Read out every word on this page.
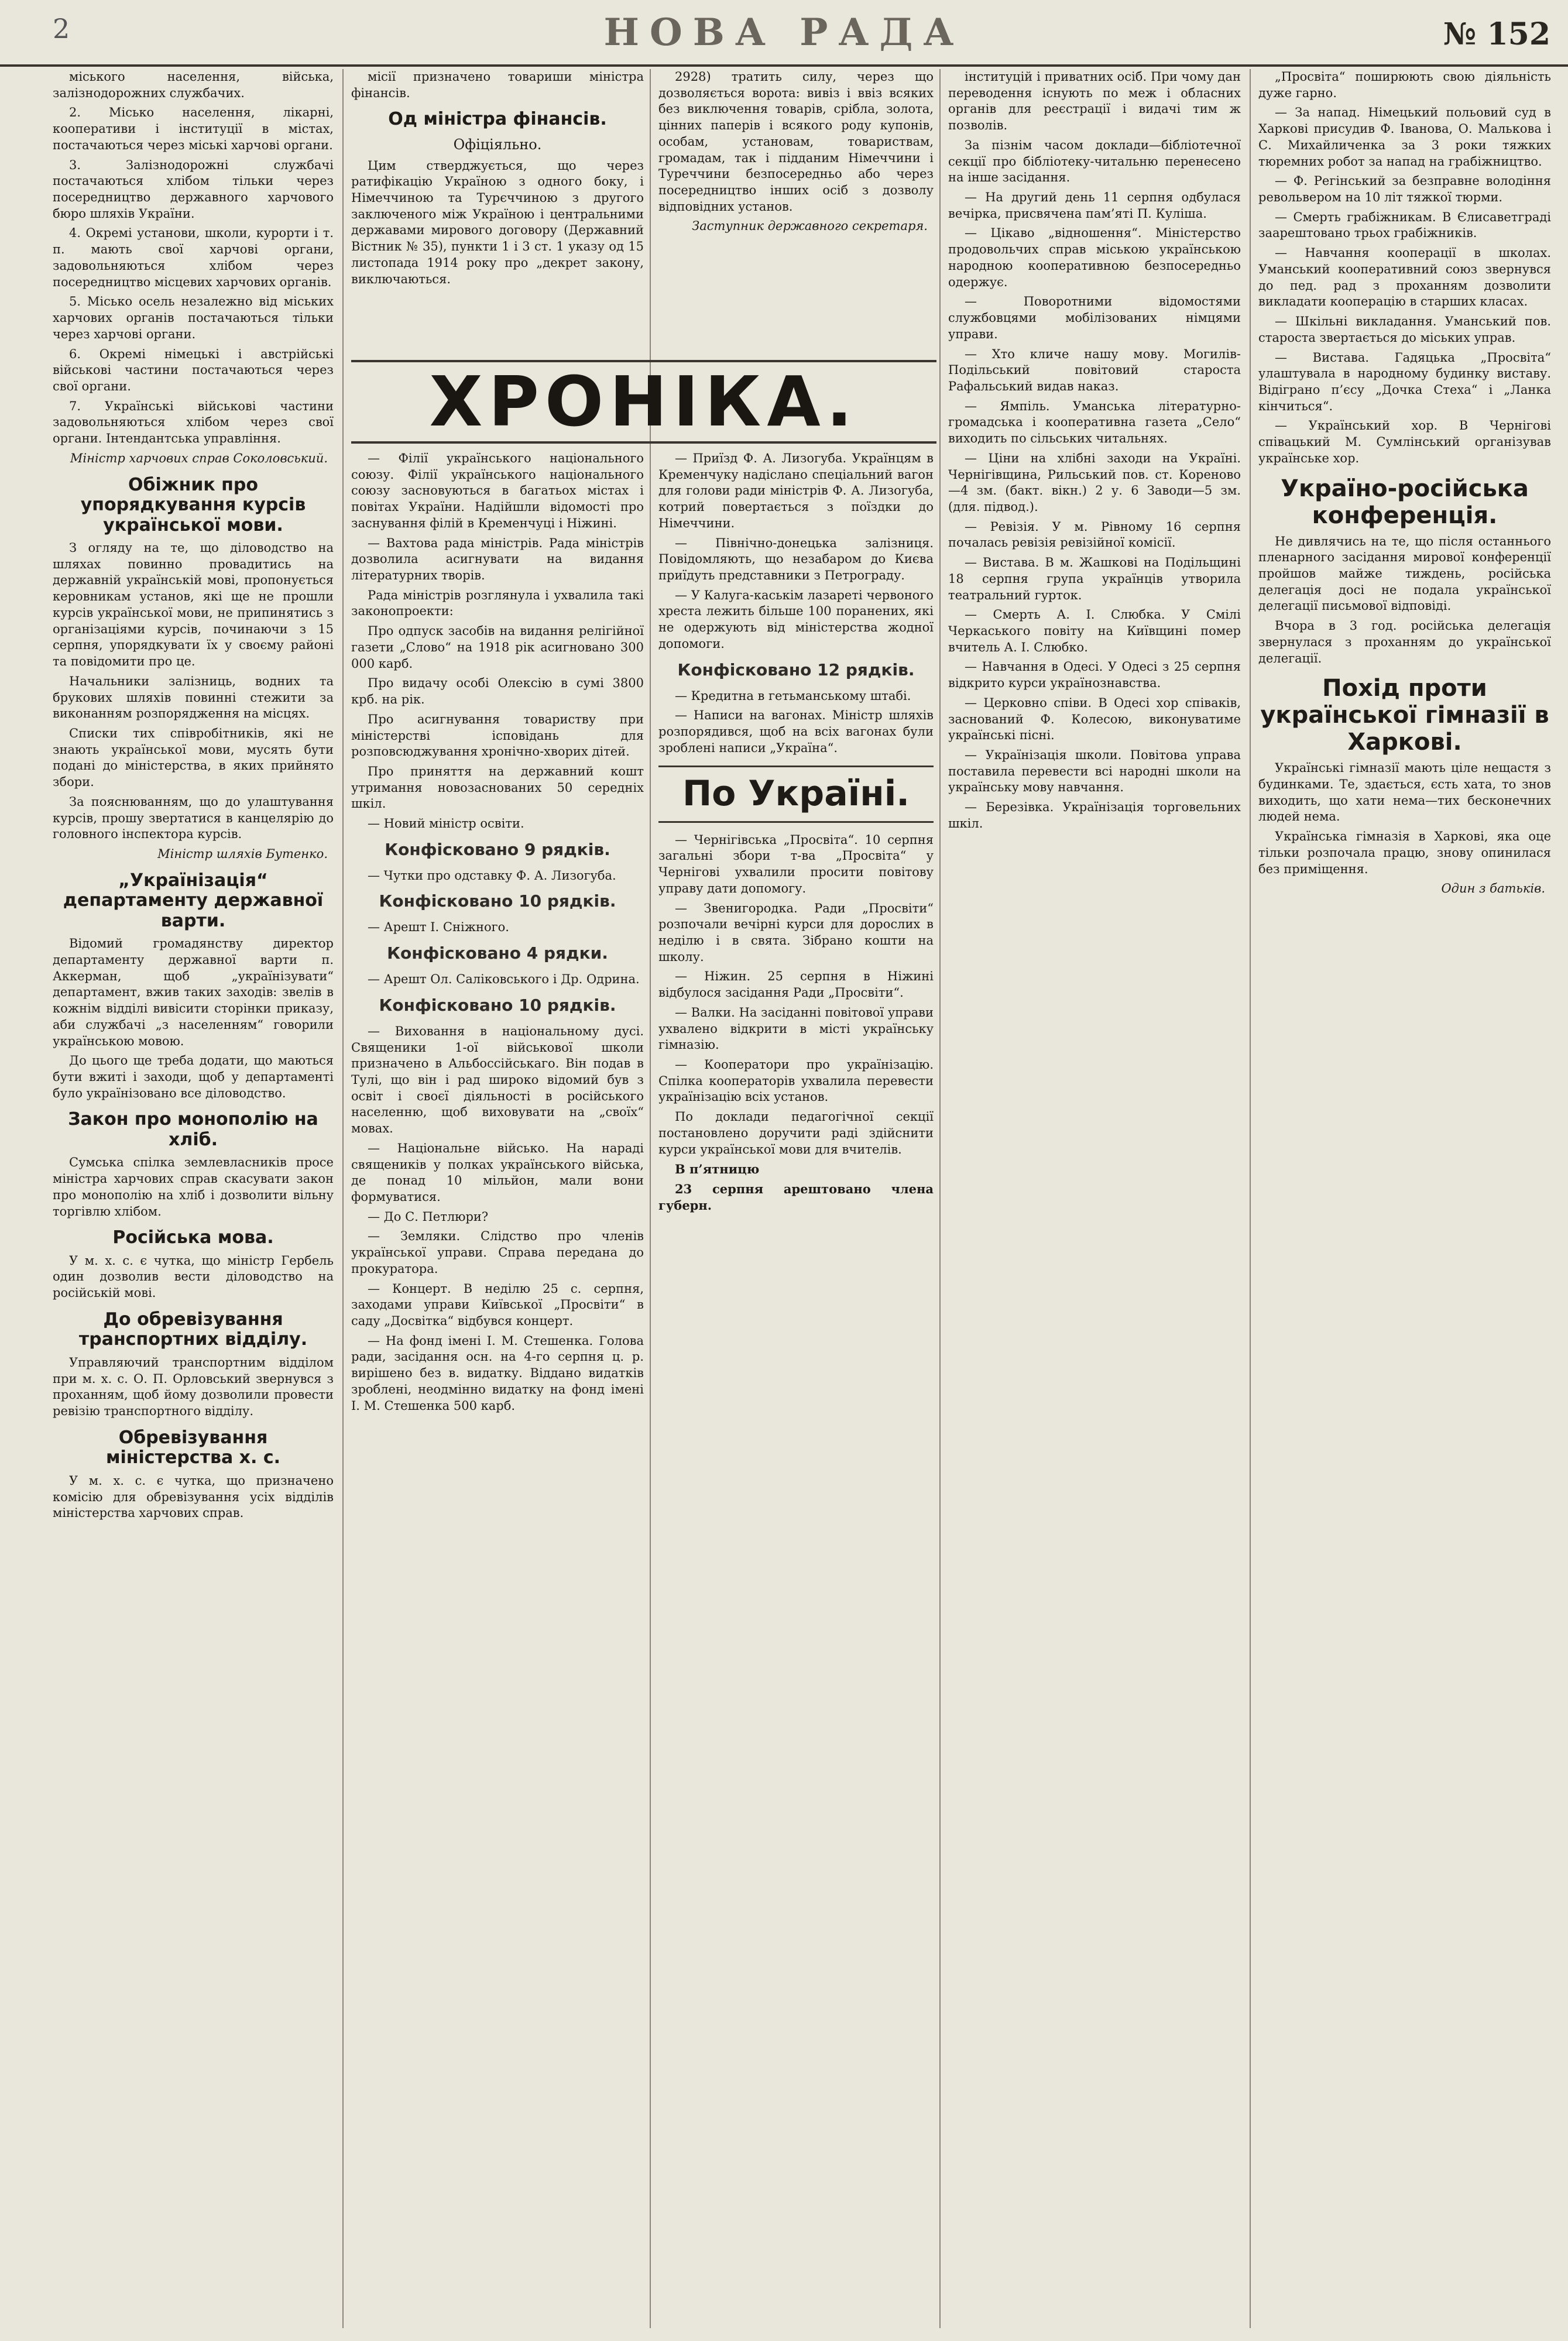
2	НОВА РАДА	№ 152

міського населення, війська, залізнодорожних службачих.

2. Місько населення, лікарні, кооперативи і інституції в містах, постачаються через міські харчові органи.

3. Залізнодорожні службачі постачаються хлібом тільки через посередництво державного харчового бюро шляхів України.

4. Окремі установи, школи, курорти і т. п. мають свої харчові органи, задовольняються хлібом через посередництво місцевих харчових органів.

5. Місько осель незалежно від міських харчових органів постачаються тільки через харчові органи.

6. Окремі німецькі і австрійські військові частини постачаються через свої органи.

7. Українські військові частини задовольняються хлібом через свої органи. Інтендантська управління.

Міністр харчових справ Соколовський.

Обіжник про упорядкування курсів української мови.

З огляду на те, що діловодство на шляхах повинно провадитись на державній українській мові, пропонується керовникам установ, які ще не прошли курсів української мови, не припинятись з організаціями курсів, починаючи з 15 серпня, упорядкувати їх у своєму районі та повідомити про це.

Начальники залізниць, водних та брукових шляхів повинні стежити за виконанням розпорядження на місцях.

Списки тих співробітників, які не знають української мови, мусять бути подані до міністерства, в яких прийнято збори.

За пояснюванням, що до улаштування курсів, прошу звертатися в канцелярію до головного інспектора курсів.

Міністр шляхів Бутенко.

„Українізація“ департаменту державної варти.

Відомий громадянству директор департаменту державної варти п. Аккерман, щоб „українізувати“ департамент, вжив таких заходів: звелів в кожнім відділі вивісити сторінки приказу, аби службачі „з населенням“ говорили українською мовою.

До цього ще треба додати, що маються бути вжиті і заходи, щоб у департаменті було українізовано все діловодство.

Закон про монополію на хліб.

Сумська спілка землевласників просе міністра харчових справ скасувати закон про монополію на хліб і дозволити вільну торгівлю хлібом.

Російська мова.

У м. х. с. є чутка, що міністр Гербель один дозволив вести діловодство на російській мові.

До обревізування транспортних відділу.

Управляючий транспортним відділом при м. х. с. О. П. Орловський звернувся з проханням, щоб йому дозволили провести ревізію транспортного відділу.

Обревізування міністерства х. с.

У м. х. с. є чутка, що призначено комісію для обревізування усіх відділів міністерства харчових справ.

місії призначено товариши міністра фінансів.

Од міністра фінансів.
Офіціяльно.

Цим стверджується, що через ратифікацію Україною з одного боку, і Німеччиною та Турєччиною з другого заключеного між Україною і центральними державами мирового договору (Державний Вістник № 35), пункти 1 і 3 ст. 1 указу од 15 листопада 1914 року про „декрет закону, виключаються.

2928) тратить силу, через що дозволяється ворота: вивіз і ввіз всяких без виключення товарів, срібла, золота, цінних паперів і всякого роду купонів, особам, установам, товариствам, громадам, так і підданим Німеччини і Туреччини безпосередньо або через посередництво інших осіб з дозволу відповідних установ.

Заступник державного секретаря.

ХРОНІКА.

— Філії українського національного союзу. Філії українського національного союзу засновуються в багатьох містах і повітах України. Надійшли відомості про заснування філій в Кременчуці і Ніжині.

— Вахтова рада міністрів. Рада міністрів дозволила асигнувати на видання літературних творів.

Рада міністрів розглянула і ухвалила такі законопроекти:

Про одпуск засобів на видання релігійної газети „Слово“ на 1918 рік асигновано 300 000 карб.

Про видачу особі Олексію в сумі 3800 крб. на рік.

Про асигнування товариству при міністерстві ісповідань для розповсюджування хронічно-хворих дітей.

Про приняття на державний кошт утримання новозаснованих 50 середніх шкіл.

— Новий міністр освіти.

Конфісковано 9 рядків.

— Чутки про одставку Ф. А. Лизогуба.

Конфісковано 10 рядків.

— Арешт І. Сніжного.

Конфісковано 4 рядки.

— Арешт Ол. Саліковського і Др. Одрина.

Конфісковано 10 рядків.

— Виховання в національному дусі. Священики 1-ої військової школи призначено в Альбоссійськаго. Він подав в Тулі, що він і рад широко відомий був з освіт і своєї діяльності в російського населенню, щоб виховувати на „своїх“ мовах.

— Національне військо. На нараді священиків у полках українського війська, де понад 10 мільйон, мали вони формуватися.

— До С. Петлюри?

— Земляки. Слідство про членів української управи. Справа передана до прокуратора.

— Концерт. В неділю 25 с. серпня, заходами управи Київської „Просвіти“ в саду „Досвітка“ відбувся концерт.

— На фонд імені І. М. Стешенка. Голова ради, засідання осн. на 4-го серпня ц. р. вирішено без в. видатку. Віддано видатків зроблені, неодмінно видатку на фонд імені І. М. Стешенка 500 карб.

— Приїзд Ф. А. Лизогуба. Українцям в Кременчуку надіслано спеціальний вагон для голови ради міністрів Ф. А. Лизогуба, котрий повертається з поїздки до Німеччини.

— Північно-донецька залізниця. Повідомляють, що незабаром до Києва приїдуть представники з Петрограду.

— У Калуга-каськім лазареті червоного хреста лежить більше 100 поранених, які не одержують від міністерства жодної допомоги.

Конфісковано 12 рядків.

— Кредитна в гетьманському штабі.

— Написи на вагонах. Міністр шляхів розпорядився, щоб на всіх вагонах були зроблені написи „Україна“.

По Україні.

— Чернігівська „Просвіта“. 10 серпня загальні збори т-ва „Просвіта“ у Чернігові ухвалили просити повітову управу дати допомогу.

— Звенигородка. Ради „Просвіти“ розпочали вечірні курси для дорослих в неділю і в свята. Зібрано кошти на школу.

— Ніжин. 25 серпня в Ніжині відбулося засідання Ради „Просвіти“.

— Валки. На засіданні повітової управи ухвалено відкрити в місті українську гімназію.

— Кооператори про українізацію. Спілка кооператорів ухвалила перевести українізацію всіх установ.

По доклади педагогічної секції постановлено доручити раді здійснити курси української мови для вчителів.

В п’ятницю

23 серпня арештовано члена губерн.

інституцій і приватних осіб. При чому дан переводення існують по меж і обласних органів для реєстрації і видачі тим ж позволів.

За пізнім часом доклади—бібліотечної секції про бібліотеку-читальню перенесено на інше засідання.

— На другий день 11 серпня одбулася вечірка, присвячена пам’яті П. Куліша.

— Цікаво „відношення“. Міністерство продовольчих справ міською українською народною кооперативною безпосередньо одержує.

— Поворотними відомостями службовцями мобілізованих німцями управи.

— Хто кличе нашу мову. Могилів-Подільський повітовий староста Рафальський видав наказ.

— Ямпіль. Уманська літературно-громадська і кооперативна газета „Село“ виходить по сільських читальнях.

— Ціни на хлібні заходи на Україні. Чернігівщина, Рильський пов. ст. Кореново—4 зм. (бакт. вікн.) 2 у. 6 Заводи—5 зм. (для. підвод.).

— Ревізія. У м. Рівному 16 серпня почалась ревізія ревізійної комісії.

— Вистава. В м. Жашкові на Подільщині 18 серпня група українців утворила театральний гурток.

— Смерть А. І. Слюбка. У Смілі Черкаського повіту на Київщині помер вчитель А. І. Слюбко.

— Навчання в Одесі. У Одесі з 25 серпня відкрито курси українознавства.

— Церковно співи. В Одесі хор співаків, заснований Ф. Колесою, виконуватиме українські пісні.

— Українізація школи. Повітова управа поставила перевести всі народні школи на українську мову навчання.

— Березівка. Українізація торговельних шкіл.

„Просвіта“ поширюють свою діяльність дуже гарно.

— За напад. Німецький польовий суд в Харкові присудив Ф. Іванова, О. Малькова і С. Михайличенка за 3 роки тяжких тюремних робот за напад на грабіжництво.

— Ф. Регінський за безправне володіння револьвером на 10 літ тяжкої тюрми.

— Смерть грабіжникам. В Єлисаветграді заарештовано трьох грабіжників.

— Навчання кооперації в школах. Уманський кооперативний союз звернувся до пед. рад з проханням дозволити викладати кооперацію в старших класах.

— Шкільні викладання. Уманський пов. староста звертається до міських управ.

— Вистава. Гадяцька „Просвіта“ улаштувала в народному будинку виставу. Відіграно п’єсу „Дочка Стеха“ і „Ланка кінчиться“.

— Український хор. В Чернігові співацький М. Сумлінський організував українське хор.

Україно-російська конференція.

Не дивлячись на те, що після останнього пленарного засідання мирової конференції пройшов майже тиждень, російська делегація досі не подала української делегації письмової відповіді.

Вчора в 3 год. російська делегація звернулася з проханням до української делегації.

Похід проти української гімназії в Харкові.

Українські гімназії мають ціле нещастя з будинками. Те, здається, єсть хата, то знов виходить, що хати нема—тих бесконечних людей нема.

Українська гімназія в Харкові, яка оце тільки розпочала працю, знову опинилася без приміщення.

Один з батьків.
